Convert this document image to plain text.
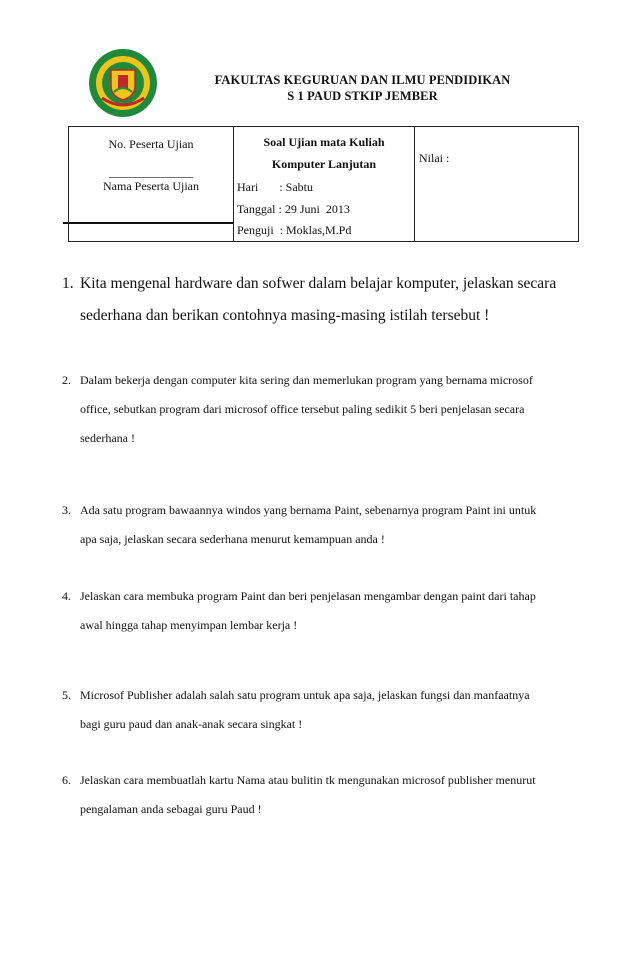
FAKULTAS KEGURUAN DAN ILMU PENDIDIKAN
S 1 PAUD STKIP JEMBER
No. Peserta Ujian
______________
Nama Peserta Ujian
Soal Ujian mata Kuliah
Komputer Lanjutan
Hari       : Sabtu
Tanggal : 29 Juni  2013
Penguji  : Moklas,M.Pd
Nilai :
1. Kita mengenal hardware dan sofwer dalam belajar komputer, jelaskan secara
sederhana dan berikan contohnya masing-masing istilah tersebut !
2. Dalam bekerja dengan computer kita sering dan memerlukan program yang bernama microsof
office, sebutkan program dari microsof office tersebut paling sedikit 5 beri penjelasan secara
sederhana !
3. Ada satu program bawaannya windos yang bernama Paint, sebenarnya program Paint ini untuk
apa saja, jelaskan secara sederhana menurut kemampuan anda !
4. Jelaskan cara membuka program Paint dan beri penjelasan mengambar dengan paint dari tahap
awal hingga tahap menyimpan lembar kerja !
5. Microsof Publisher adalah salah satu program untuk apa saja, jelaskan fungsi dan manfaatnya
bagi guru paud dan anak-anak secara singkat !
6. Jelaskan cara membuatlah kartu Nama atau bulitin tk mengunakan microsof publisher menurut
pengalaman anda sebagai guru Paud !
